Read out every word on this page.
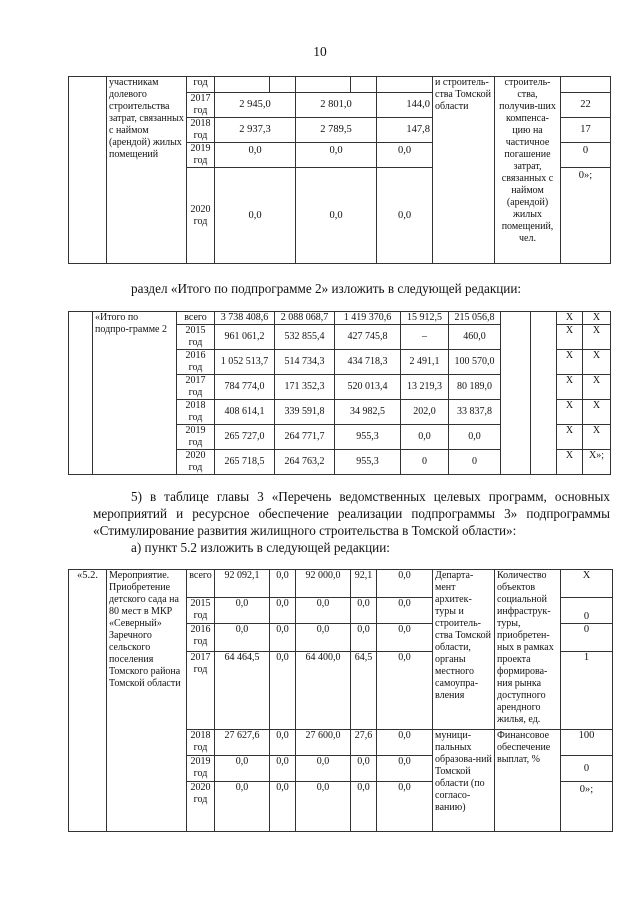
10
	участникам долевого строительства затрат, связанных с наймом (арендой) жилых помещений	год						и строитель-ства Томской области	строитель-ства, получив-ших компенса-цию на частичное погашение затрат, связанных с наймом (арендой) жилых помещений, чел.	
		2017 год	2 945,0		2 801,0		144,0			22
		2018 год	2 937,3		2 789,5		147,8			17
		2019 год	0,0		0,0		0,0			0
		2020 год	0,0		0,0		0,0			0»;
раздел «Итого по подпрограмме 2» изложить в следующей редакции:
	«Итого по подпро-грамме 2	всего	3 738 408,6	2 088 068,7	1 419 370,6	15 912,5	215 056,8			Х	Х
		2015 год	961 061,2	532 855,4	427 745,8	–	460,0			Х	Х
		2016 год	1 052 513,7	514 734,3	434 718,3	2 491,1	100 570,0			Х	Х
		2017 год	784 774,0	171 352,3	520 013,4	13 219,3	80 189,0			Х	Х
		2018 год	408 614,1	339 591,8	34 982,5	202,0	33 837,8			Х	Х
		2019 год	265 727,0	264 771,7	955,3	0,0	0,0			Х	Х
		2020 год	265 718,5	264 763,2	955,3	0	0			Х	Х»;
5) в таблице главы 3 «Перечень ведомственных целевых программ, основных
мероприятий и ресурсное обеспечение реализации подпрограммы 3» подпрограммы
«Стимулирование развития жилищного строительства в Томской области»:
а) пункт 5.2 изложить в следующей редакции:
«5.2.	Мероприятие. Приобретение детского сада на 80 мест в МКР «Северный» Заречного сельского поселения Томского района Томской области	всего	92 092,1	0,0	92 000,0	92,1	0,0	Департа-мент архитек-туры и строитель-ства Томской области, органы местного самоупра-вления	Количество объектов социальной инфраструк-туры, приобретен-ных в рамках проекта формирова-ния рынка доступного арендного жилья, ед.	Х
		2015 год	0,0	0,0	0,0	0,0	0,0			0
		2016 год	0,0	0,0	0,0	0,0	0,0			0
		2017 год	64 464,5	0,0	64 400,0	64,5	0,0			1
		2018 год	27 627,6	0,0	27 600,0	27,6	0,0	муници-пальных образова-ний Томской области (по согласо-ванию)	Финансовое обеспечение выплат, %	100
		2019 год	0,0	0,0	0,0	0,0	0,0			0
		2020 год	0,0	0,0	0,0	0,0	0,0			0»;
